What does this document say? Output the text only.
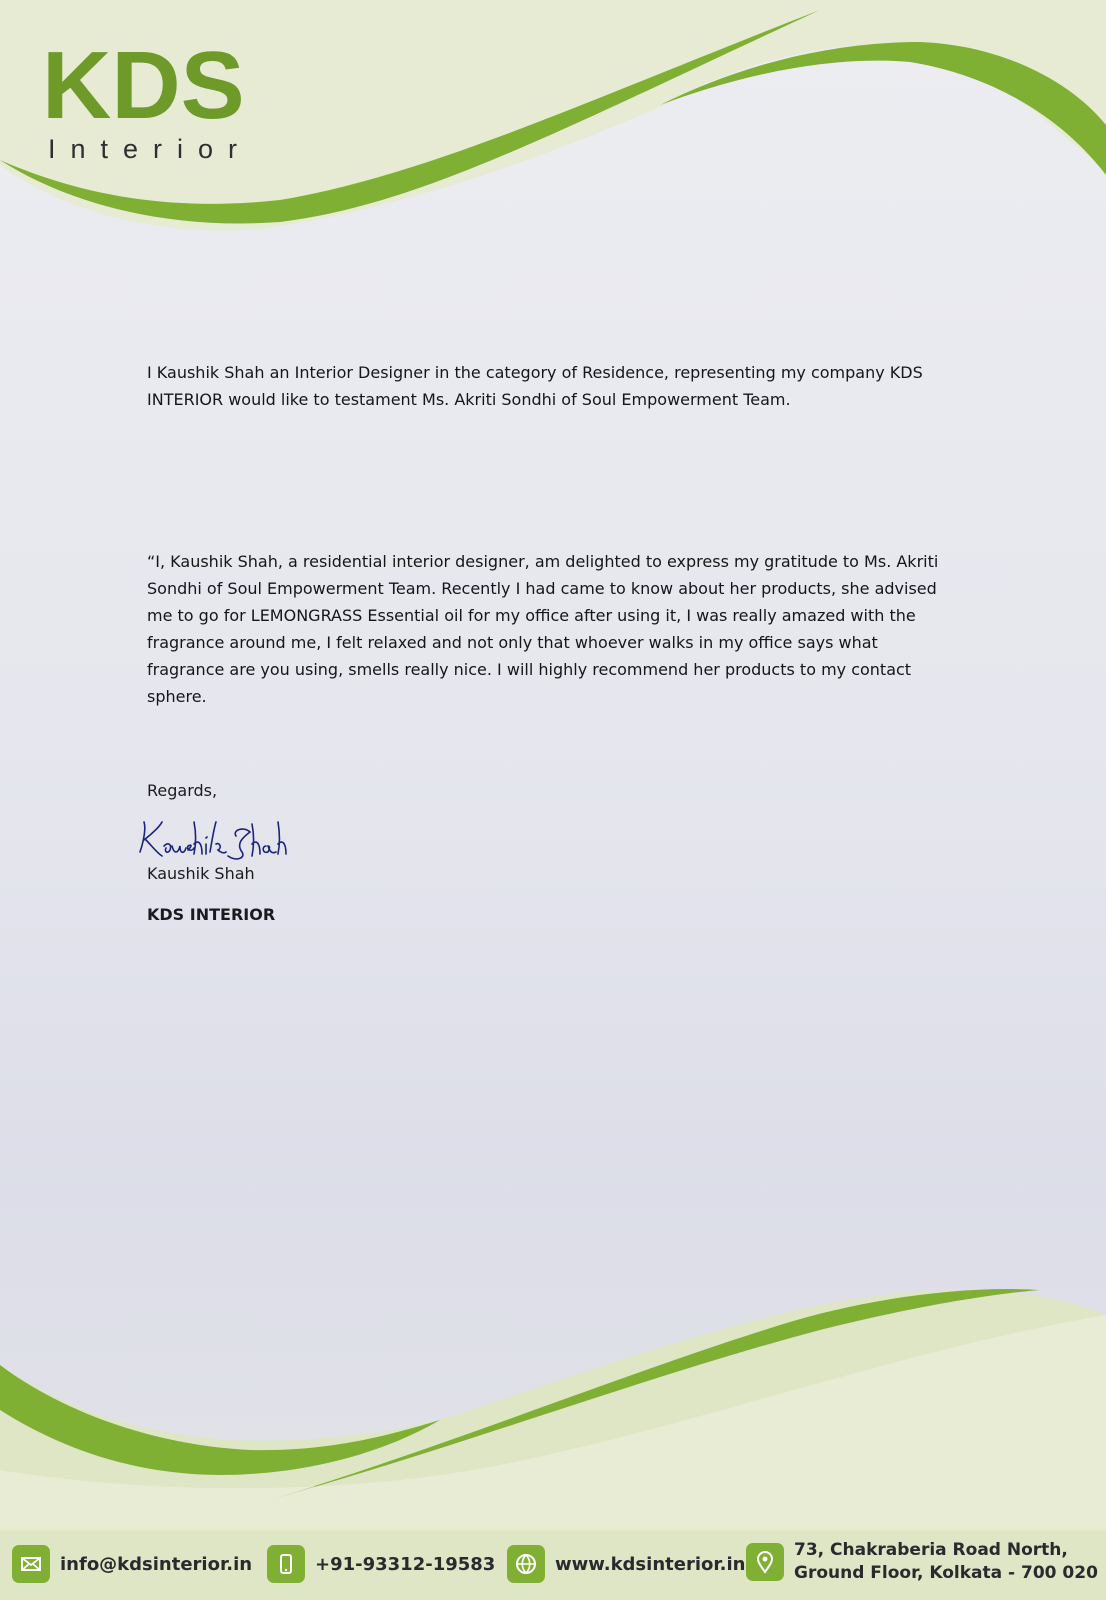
KDS
Interior
I Kaushik Shah an Interior Designer in the category of Residence, representing my company KDS INTERIOR would like to testament Ms. Akriti Sondhi of Soul Empowerment Team.
“I, Kaushik Shah, a residential interior designer, am delighted to express my gratitude to Ms. Akriti Sondhi of Soul Empowerment Team. Recently I had came to know about her products, she advised me to go for LEMONGRASS Essential oil for my office after using it, I was really amazed with the fragrance around me, I felt relaxed and not only that whoever walks in my office says what fragrance are you using, smells really nice. I will highly recommend her products to my contact sphere.
Regards,
Kaushik Shah
KDS INTERIOR
info@kdsinterior.in	+91-93312-19583	www.kdsinterior.in
73, Chakraberia Road North,
Ground Floor, Kolkata - 700 020
